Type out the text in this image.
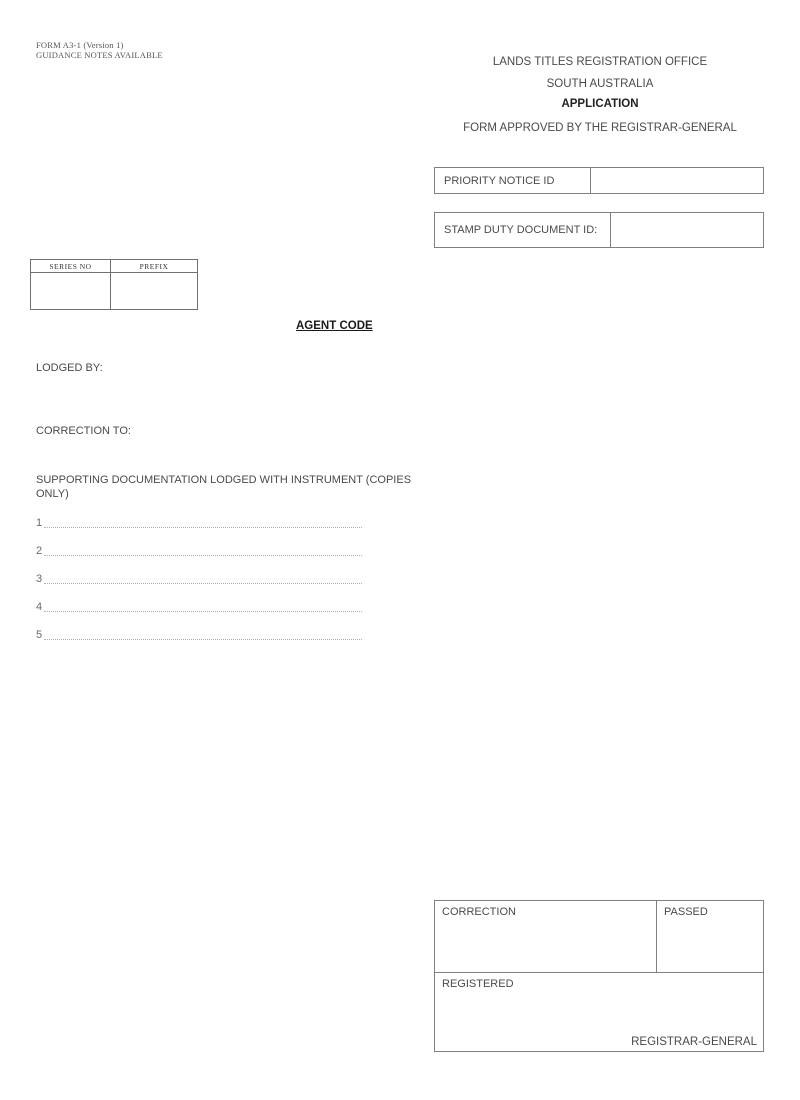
FORM A3-1 (Version 1)
GUIDANCE NOTES AVAILABLE
LANDS TITLES REGISTRATION OFFICE
SOUTH AUSTRALIA
APPLICATION
FORM APPROVED BY THE REGISTRAR-GENERAL
PRIORITY NOTICE ID
STAMP DUTY DOCUMENT ID:
SERIES NO	PREFIX
AGENT CODE
LODGED BY:
CORRECTION TO:
SUPPORTING DOCUMENTATION LODGED WITH INSTRUMENT (COPIES ONLY)
1
2
3
4
5
CORRECTION	PASSED
REGISTERED
REGISTRAR-GENERAL
